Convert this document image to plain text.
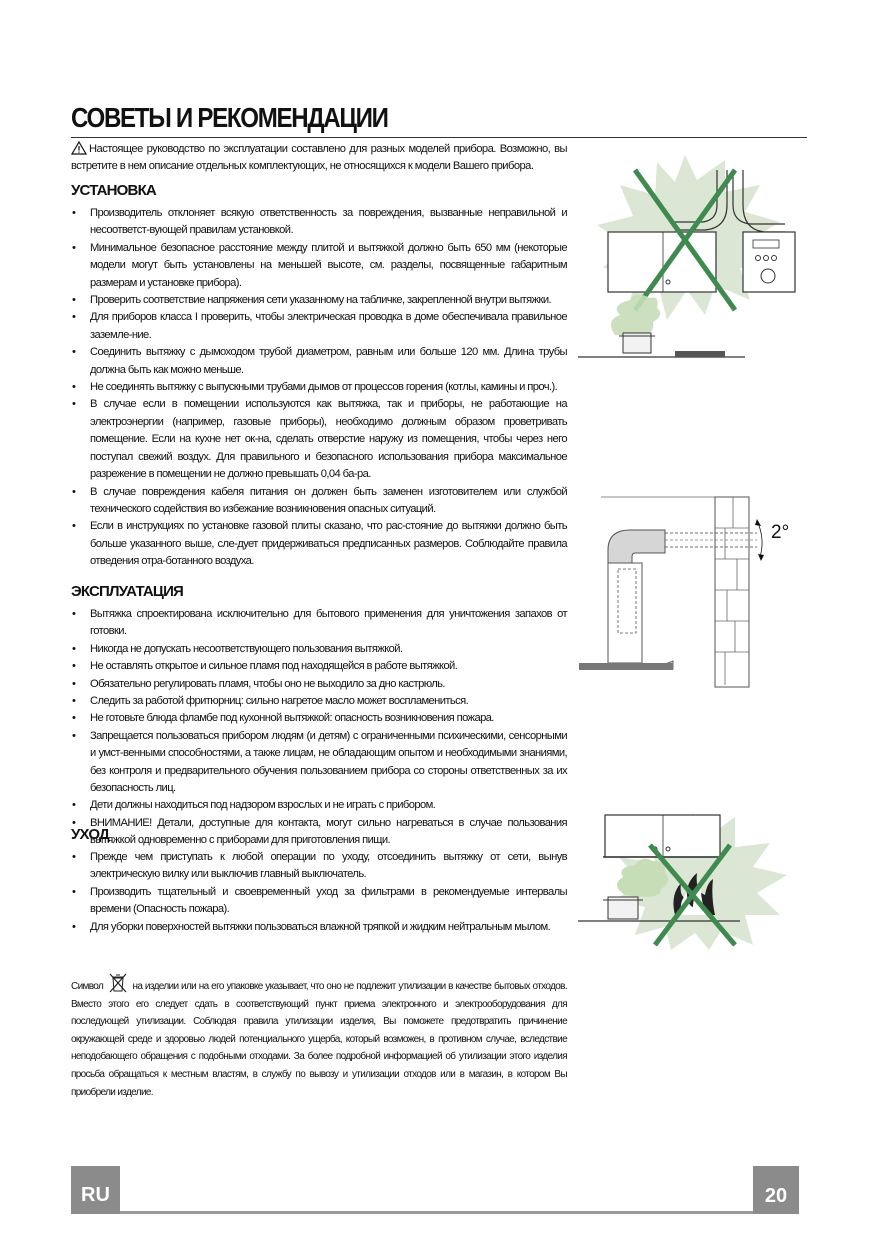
СОВЕТЫ И РЕКОМЕНДАЦИИ
Настоящее руководство по эксплуатации составлено для разных моделей прибора. Возможно, вы встретите в нем описание отдельных комплектующих, не относящихся к модели Вашего прибора.
УСТАНОВКА
• Производитель отклоняет всякую ответственность за повреждения, вызванные неправильной и несоответст-вующей правилам установкой.
• Минимальное безопасное расстояние между плитой и вытяжкой должно быть 650 мм (некоторые модели могут быть установлены на меньшей высоте, см. разделы, посвященные габаритным размерам и установке прибора).
• Проверить соответствие напряжения сети указанному на табличке, закрепленной внутри вытяжки.
• Для приборов класса I проверить, чтобы электрическая проводка в доме обеспечивала правильное заземле-ние.
• Соединить вытяжку с дымоходом трубой диаметром, равным или больше 120 мм. Длина трубы должна быть как можно меньше.
• Не соединять вытяжку с выпускными трубами дымов от процессов горения (котлы, камины и проч.).
• В случае если в помещении используются как вытяжка, так и приборы, не работающие на электроэнергии (например, газовые приборы), необходимо должным образом проветривать помещение. Если на кухне нет ок-на, сделать отверстие наружу из помещения, чтобы через него поступал свежий воздух. Для правильного и безопасного использования прибора максимальное разрежение в помещении не должно превышать 0,04 ба-ра.
• В случае повреждения кабеля питания он должен быть заменен изготовителем или службой технического содействия во избежание возникновения опасных ситуаций.
• Если в инструкциях по установке газовой плиты сказано, что рас-стояние до вытяжки должно быть больше указанного выше, сле-дует придерживаться предписанных размеров. Соблюдайте правила отведения отра-ботанного воздуха.
ЭКСПЛУАТАЦИЯ
• Вытяжка спроектирована исключительно для бытового применения для уничтожения запахов от готовки.
• Никогда не допускать несоответствующего пользования вытяжкой.
• Не оставлять открытое и сильное пламя под находящейся в работе вытяжкой.
• Обязательно регулировать пламя, чтобы оно не выходило за дно кастрюль.
• Следить за работой фритюрниц: сильно нагретое масло может воспламениться.
• Не готовьте блюда фламбе под кухонной вытяжкой: опасность возникновения пожара.
• Запрещается пользоваться прибором людям (и детям) с ограниченными психическими, сенсорными и умст-венными способностями, а также лицам, не обладающим опытом и необходимыми знаниями, без контроля и предварительного обучения пользованием прибора со стороны ответственных за их безопасность лиц.
• Дети должны находиться под надзором взрослых и не играть с прибором.
• ВНИМАНИЕ! Детали, доступные для контакта, могут сильно нагреваться в случае пользования вытяжкой одновременно с приборами для приготовления пищи.
УХОД
• Прежде чем приступать к любой операции по уходу, отсоединить вытяжку от сети, вынув электрическую вилку или выключив главный выключатель.
• Производить тщательный и своевременный уход за фильтрами в рекомендуемые интервалы времени (Опасность пожара).
• Для уборки поверхностей вытяжки пользоваться влажной тряпкой и жидким нейтральным мылом.
Символ	на изделии или на его упаковке указывает, что оно не подлежит утилизации в качестве бытовых отходов. Вместо этого его следует сдать в соответствующий пункт приема электронного и электрооборудования для последующей утилизации. Соблюдая правила утилизации изделия, Вы поможете предотвратить причинение окружающей среде и здоровью людей потенциального ущерба, который возможен, в противном случае, вследствие неподобающего обращения с подобными отходами. За более подробной информацией об утилизации этого изделия просьба обращаться к местным властям, в службу по вывозу и утилизации отходов или в магазин, в котором Вы приобрели изделие.
2°
RU	20
